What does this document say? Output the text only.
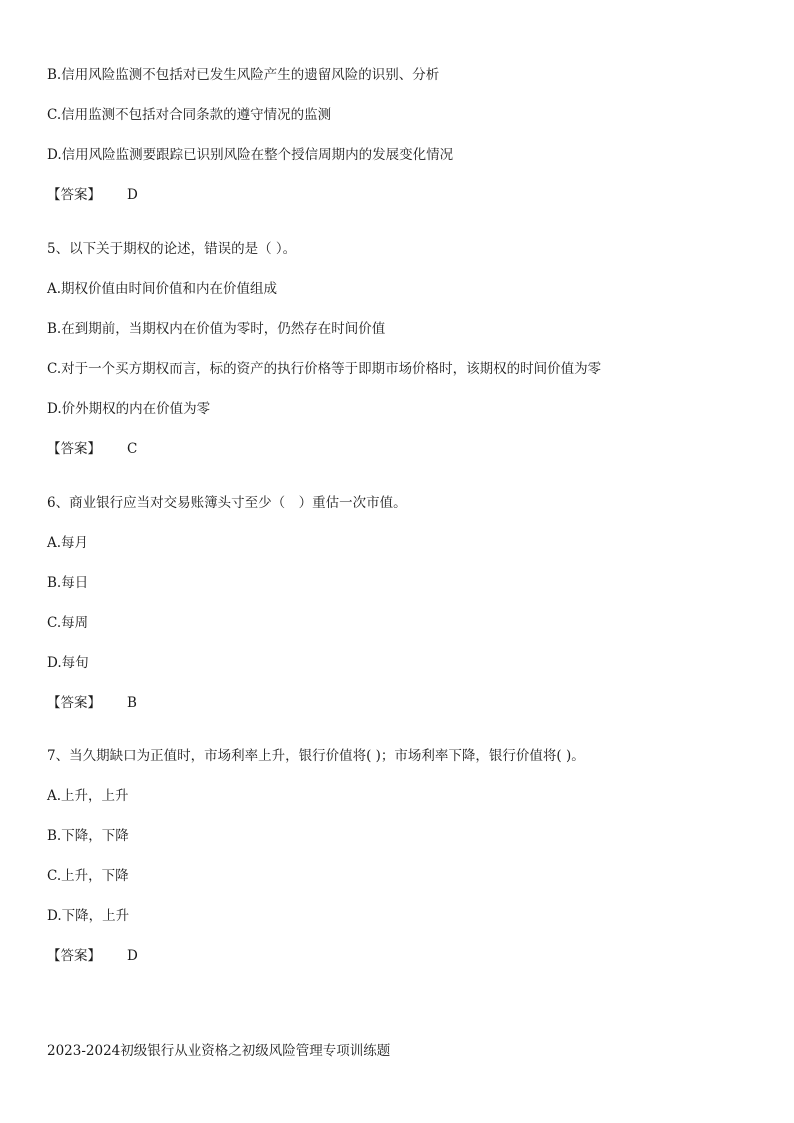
B.信用风险监测不包括对已发生风险产生的遗留风险的识别、分析
C.信用监测不包括对合同条款的遵守情况的监测
D.信用风险监测要跟踪已识别风险在整个授信周期内的发展变化情况
【答案】 D
5、以下关于期权的论述，错误的是（ ）。
A.期权价值由时间价值和内在价值组成
B.在到期前，当期权内在价值为零时，仍然存在时间价值
C.对于一个买方期权而言，标的资产的执行价格等于即期市场价格时，该期权的时间价值为零
D.价外期权的内在价值为零
【答案】 C
6、商业银行应当对交易账簿头寸至少（　）重估一次市值。
A.每月
B.每日
C.每周
D.每旬
【答案】 B
7、当久期缺口为正值时，市场利率上升，银行价值将( )；市场利率下降，银行价值将( )。
A.上升，上升
B.下降，下降
C.上升，下降
D.下降，上升
【答案】 D
2023-2024初级银行从业资格之初级风险管理专项训练题
